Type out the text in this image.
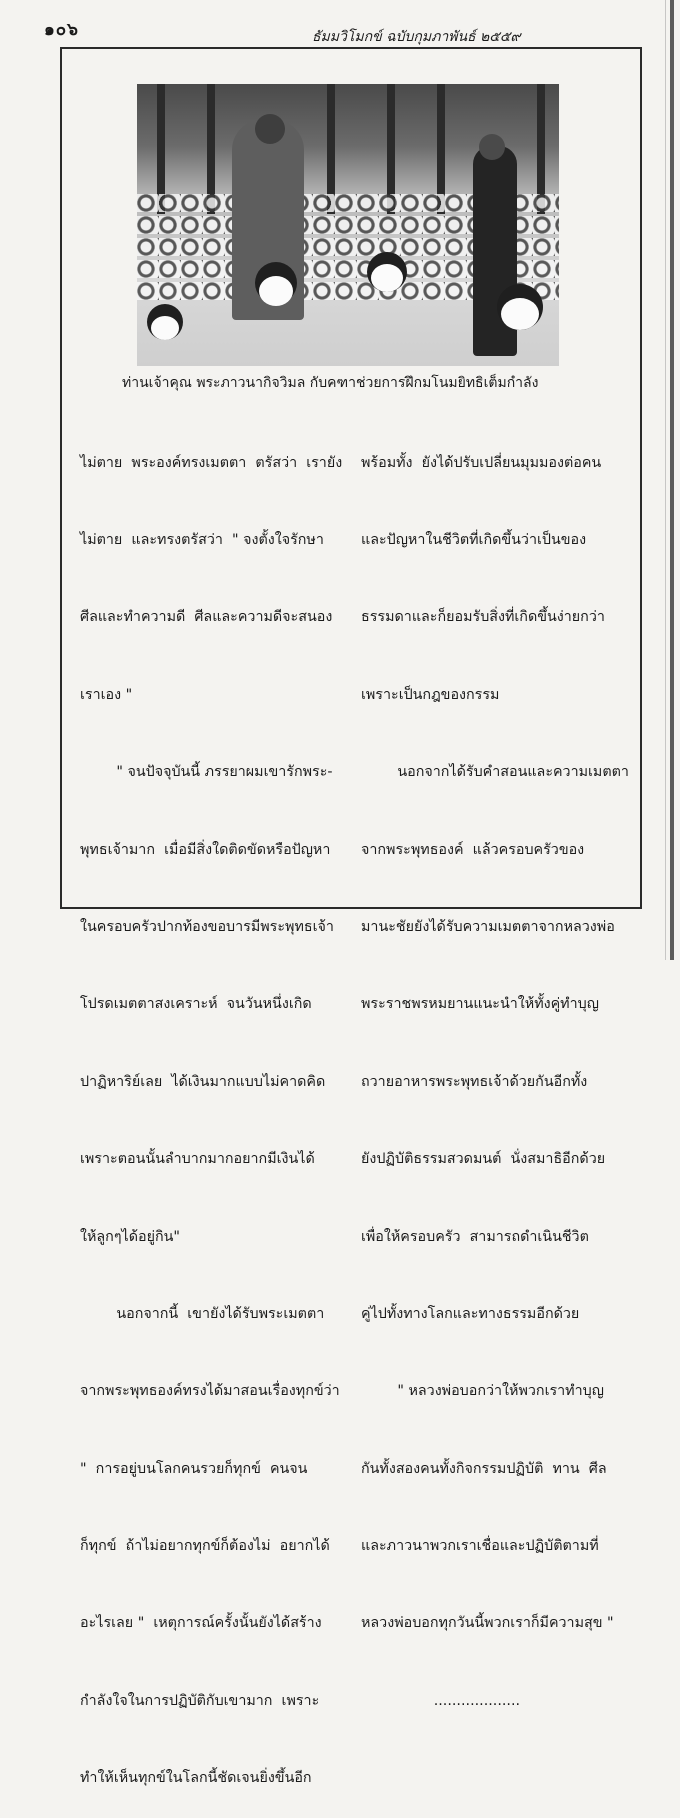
๑๐๖	ธัมมวิโมกข์ ฉบับกุมภาพันธ์ ๒๕๕๙
ท่านเจ้าคุณ พระภาวนากิจวิมล กับคฑาช่วยการฝึกมโนมยิทธิเต็มกำลัง

ไม่ตาย  พระองค์ทรงเมตตา  ตรัสว่า  เรายัง

ไม่ตาย  และทรงตรัสว่า  " จงตั้งใจรักษา

ศีลและทำความดี  ศีลและความดีจะสนอง

เราเอง "

" จนปัจจุบันนี้ ภรรยาผมเขารักพระ-

พุทธเจ้ามาก  เมื่อมีสิ่งใดติดขัดหรือปัญหา

ในครอบครัวปากท้องขอบารมีพระพุทธเจ้า

โปรดเมตตาสงเคราะห์  จนวันหนึ่งเกิด

ปาฏิหาริย์เลย  ได้เงินมากแบบไม่คาดคิด

เพราะตอนนั้นลำบากมากอยากมีเงินได้

ให้ลูกๆได้อยู่กิน"

นอกจากนี้  เขายังได้รับพระเมตตา

จากพระพุทธองค์ทรงได้มาสอนเรื่องทุกข์ว่า

"  การอยู่บนโลกคนรวยก็ทุกข์  คนจน

ก็ทุกข์  ถ้าไม่อยากทุกข์ก็ต้องไม่  อยากได้

อะไรเลย "  เหตุการณ์ครั้งนั้นยังได้สร้าง

กำลังใจในการปฏิบัติกับเขามาก  เพราะ

ทำให้เห็นทุกข์ในโลกนี้ชัดเจนยิ่งขึ้นอีก

พร้อมทั้ง  ยังได้ปรับเปลี่ยนมุมมองต่อคน

และปัญหาในชีวิตที่เกิดขึ้นว่าเป็นของ

ธรรมดาและก็ยอมรับสิ่งที่เกิดขึ้นง่ายกว่า

เพราะเป็นกฎของกรรม

นอกจากได้รับคำสอนและความเมตตา

จากพระพุทธองค์  แล้วครอบครัวของ

มานะชัยยังได้รับความเมตตาจากหลวงพ่อ

พระราชพรหมยานแนะนำให้ทั้งคู่ทำบุญ

ถวายอาหารพระพุทธเจ้าด้วยกันอีกทั้ง

ยังปฏิบัติธรรมสวดมนต์  นั่งสมาธิอีกด้วย

เพื่อให้ครอบครัว  สามารถดำเนินชีวิต

คู่ไปทั้งทางโลกและทางธรรมอีกด้วย

" หลวงพ่อบอกว่าให้พวกเราทำบุญ

กันทั้งสองคนทั้งกิจกรรมปฏิบัติ  ทาน  ศีล

และภาวนาพวกเราเชื่อและปฏิบัติตามที่

หลวงพ่อบอกทุกวันนี้พวกเราก็มีความสุข "

...................
